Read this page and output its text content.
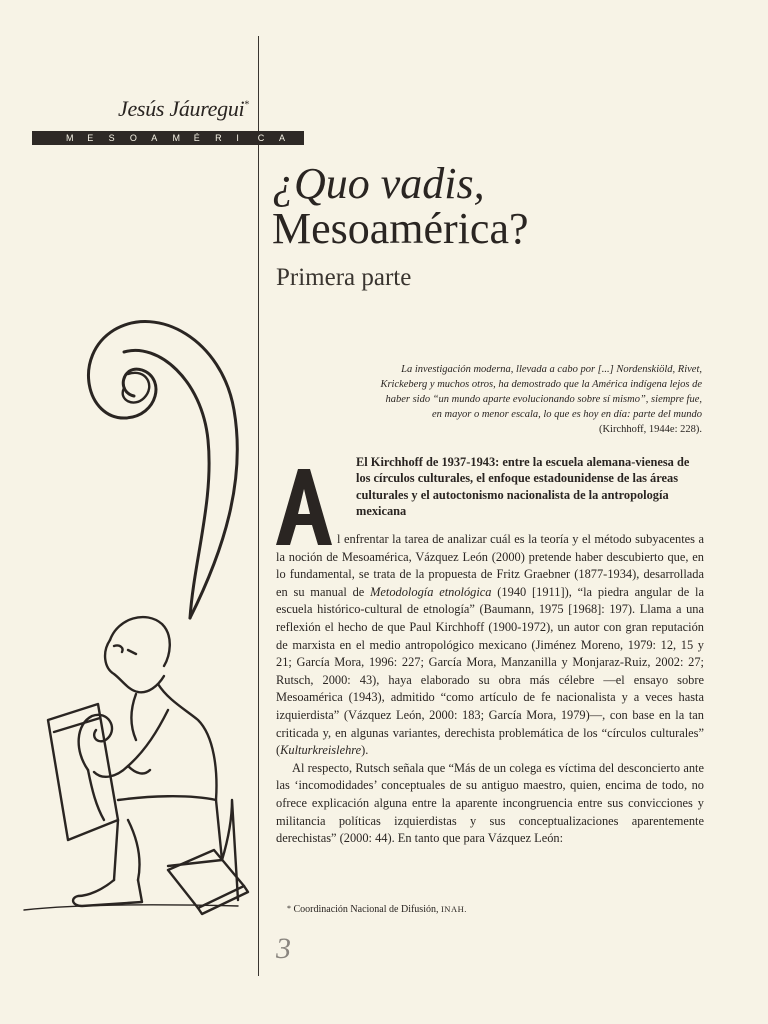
Jesús Jáuregui*
M E S O A M É R I C A
¿Quo vadis,
Mesoamérica?
Primera parte
La investigación moderna, llevada a cabo por [...] Nordenskiöld, Rivet,
Krickeberg y muchos otros, ha demostrado que la América indígena lejos de
haber sido “un mundo aparte evolucionando sobre sí mismo”, siempre fue,
en mayor o menor escala, lo que es hoy en día: parte del mundo
(Kirchhoff, 1944e: 228).
El Kirchhoff de 1937-1943: entre la escuela alemana-vienesa de los círculos culturales, el enfoque estadounidense de las áreas culturales y el autoctonismo nacionalista de la antropología mexicana
A

l enfrentar la tarea de analizar cuál es la teoría y el método subyacentes a la noción de Mesoamérica, Vázquez León (2000) pretende haber descubierto que, en lo fundamental, se trata de la propuesta de Fritz Graebner (1877-1934), desarrollada en su manual de Metodología etnológica (1940 [1911]), “la piedra angular de la escuela histórico-cultural de etnología” (Baumann, 1975 [1968]: 197). Llama a una reflexión el hecho de que Paul Kirchhoff (1900-1972), un autor con gran reputación de marxista en el medio antropológico mexicano (Jiménez Moreno, 1979: 12, 15 y 21; García Mora, 1996: 227; García Mora, Manzanilla y Monjaraz-Ruiz, 2002: 27; Rutsch, 2000: 43), haya elaborado su obra más célebre —el ensayo sobre Mesoamérica (1943), admitido “como artículo de fe nacionalista y a veces hasta izquierdista” (Vázquez León, 2000: 183; García Mora, 1979)—, con base en la tan criticada y, en algunas variantes, derechista problemática de los “círculos culturales” (Kulturkreislehre).

Al respecto, Rutsch señala que “Más de un colega es víctima del desconcierto ante las ‘incomodidades’ conceptuales de su antiguo maestro, quien, encima de todo, no ofrece explicación alguna entre la aparente incongruencia entre sus convicciones y militancia políticas izquierdistas y sus conceptualizaciones aparentemente derechistas” (2000: 44). En tanto que para Vázquez León:

* Coordinación Nacional de Difusión, INAH.
3
